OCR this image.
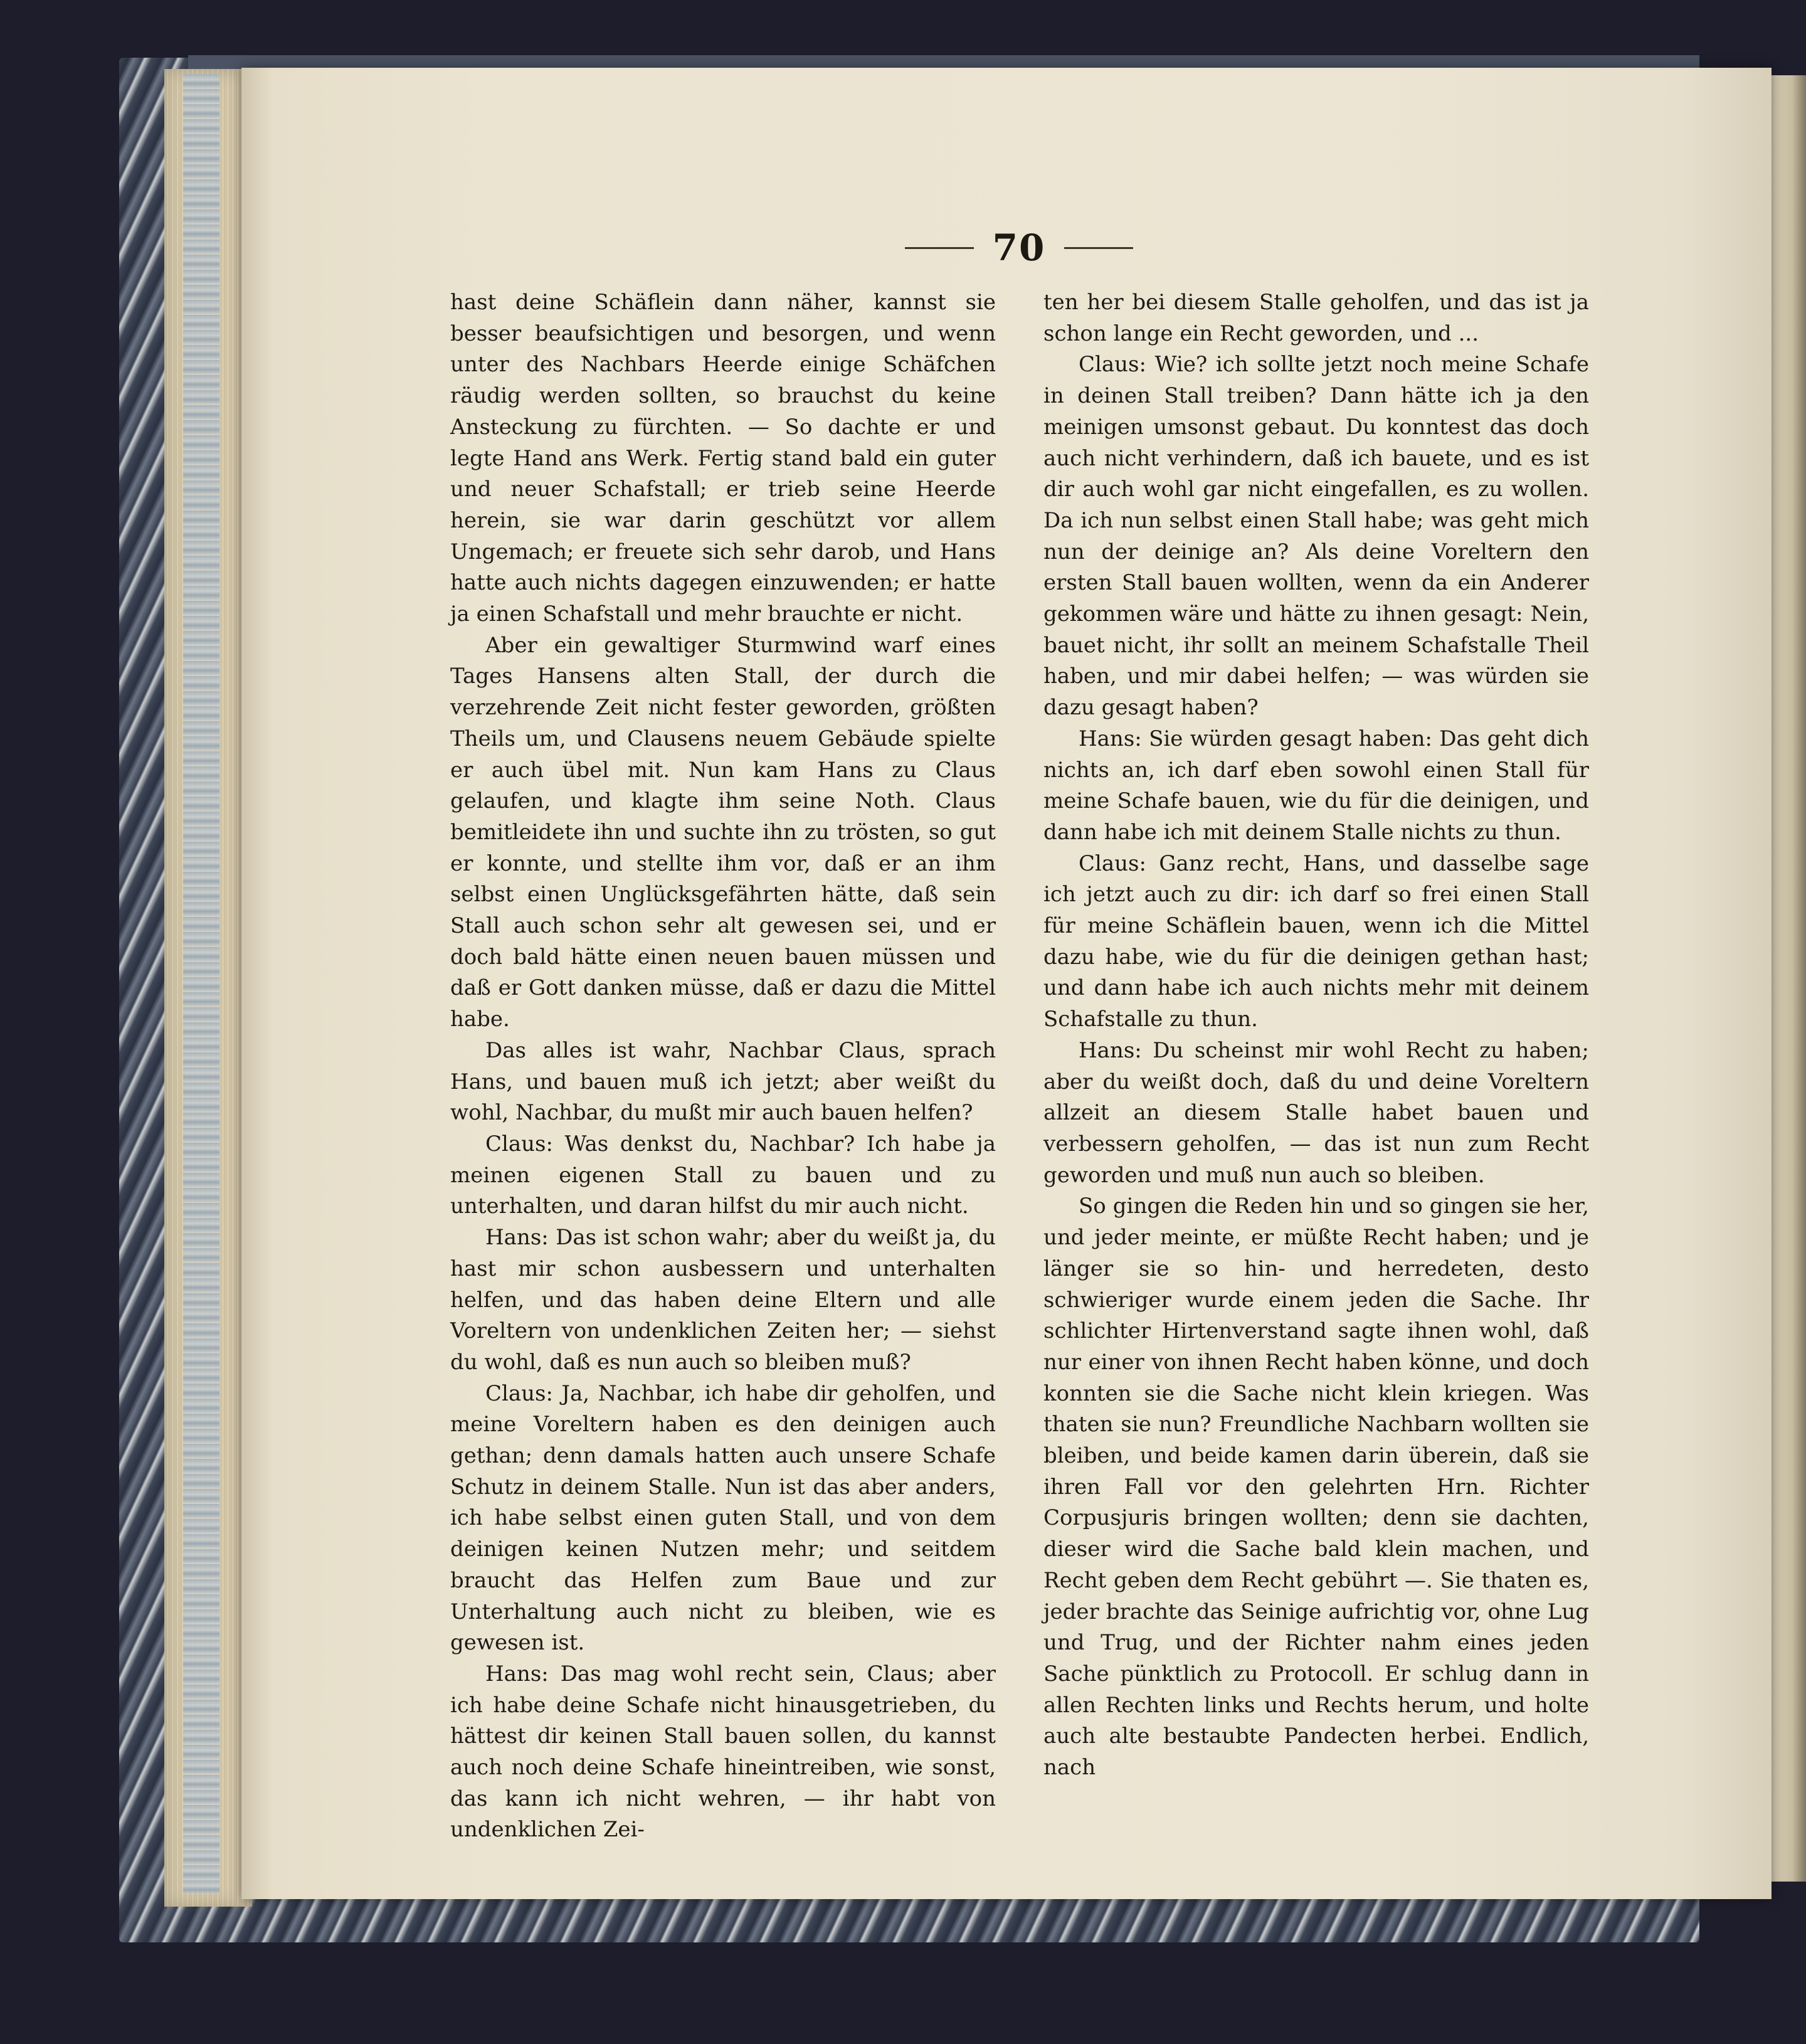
70

hast deine Schäflein dann näher, kannst sie besser beaufsichtigen und besorgen, und wenn unter des Nachbars Heerde einige Schäfchen räudig werden sollten, so brauchst du keine Ansteckung zu fürchten. — So dachte er und legte Hand ans Werk. Fertig stand bald ein guter und neuer Schafstall; er trieb seine Heerde herein, sie war darin geschützt vor allem Ungemach; er freuete sich sehr darob, und Hans hatte auch nichts dagegen einzuwenden; er hatte ja einen Schafstall und mehr brauchte er nicht.

Aber ein gewaltiger Sturmwind warf eines Tages Hansens alten Stall, der durch die verzehrende Zeit nicht fester geworden, größten Theils um, und Clausens neuem Gebäude spielte er auch übel mit. Nun kam Hans zu Claus gelaufen, und klagte ihm seine Noth. Claus bemitleidete ihn und suchte ihn zu trösten, so gut er konnte, und stellte ihm vor, daß er an ihm selbst einen Unglücksgefährten hätte, daß sein Stall auch schon sehr alt gewesen sei, und er doch bald hätte einen neuen bauen müssen und daß er Gott danken müsse, daß er dazu die Mittel habe.

Das alles ist wahr, Nachbar Claus, sprach Hans, und bauen muß ich jetzt; aber weißt du wohl, Nachbar, du mußt mir auch bauen helfen?

Claus: Was denkst du, Nachbar? Ich habe ja meinen eigenen Stall zu bauen und zu unterhalten, und daran hilfst du mir auch nicht.

Hans: Das ist schon wahr; aber du weißt ja, du hast mir schon ausbessern und unterhalten helfen, und das haben deine Eltern und alle Voreltern von undenklichen Zeiten her; — siehst du wohl, daß es nun auch so bleiben muß?

Claus: Ja, Nachbar, ich habe dir geholfen, und meine Voreltern haben es den deinigen auch gethan; denn damals hatten auch unsere Schafe Schutz in deinem Stalle. Nun ist das aber anders, ich habe selbst einen guten Stall, und von dem deinigen keinen Nutzen mehr; und seitdem braucht das Helfen zum Baue und zur Unterhaltung auch nicht zu bleiben, wie es gewesen ist.

Hans: Das mag wohl recht sein, Claus; aber ich habe deine Schafe nicht hinausgetrieben, du hättest dir keinen Stall bauen sollen, du kannst auch noch deine Schafe hineintreiben, wie sonst, das kann ich nicht wehren, — ihr habt von undenklichen Zei-

ten her bei diesem Stalle geholfen, und das ist ja schon lange ein Recht geworden, und ...

Claus: Wie? ich sollte jetzt noch meine Schafe in deinen Stall treiben? Dann hätte ich ja den meinigen umsonst gebaut. Du konntest das doch auch nicht verhindern, daß ich bauete, und es ist dir auch wohl gar nicht eingefallen, es zu wollen. Da ich nun selbst einen Stall habe; was geht mich nun der deinige an? Als deine Voreltern den ersten Stall bauen wollten, wenn da ein Anderer gekommen wäre und hätte zu ihnen gesagt: Nein, bauet nicht, ihr sollt an meinem Schafstalle Theil haben, und mir dabei helfen; — was würden sie dazu gesagt haben?

Hans: Sie würden gesagt haben: Das geht dich nichts an, ich darf eben sowohl einen Stall für meine Schafe bauen, wie du für die deinigen, und dann habe ich mit deinem Stalle nichts zu thun.

Claus: Ganz recht, Hans, und dasselbe sage ich jetzt auch zu dir: ich darf so frei einen Stall für meine Schäflein bauen, wenn ich die Mittel dazu habe, wie du für die deinigen gethan hast; und dann habe ich auch nichts mehr mit deinem Schafstalle zu thun.

Hans: Du scheinst mir wohl Recht zu haben; aber du weißt doch, daß du und deine Voreltern allzeit an diesem Stalle habet bauen und verbessern geholfen, — das ist nun zum Recht geworden und muß nun auch so bleiben.

So gingen die Reden hin und so gingen sie her, und jeder meinte, er müßte Recht haben; und je länger sie so hin- und herredeten, desto schwieriger wurde einem jeden die Sache. Ihr schlichter Hirtenverstand sagte ihnen wohl, daß nur einer von ihnen Recht haben könne, und doch konnten sie die Sache nicht klein kriegen. Was thaten sie nun? Freundliche Nachbarn wollten sie bleiben, und beide kamen darin überein, daß sie ihren Fall vor den gelehrten Hrn. Richter Corpusjuris bringen wollten; denn sie dachten, dieser wird die Sache bald klein machen, und Recht geben dem Recht gebührt —. Sie thaten es, jeder brachte das Seinige aufrichtig vor, ohne Lug und Trug, und der Richter nahm eines jeden Sache pünktlich zu Protocoll. Er schlug dann in allen Rechten links und Rechts herum, und holte auch alte bestaubte Pandecten herbei. Endlich, nach
